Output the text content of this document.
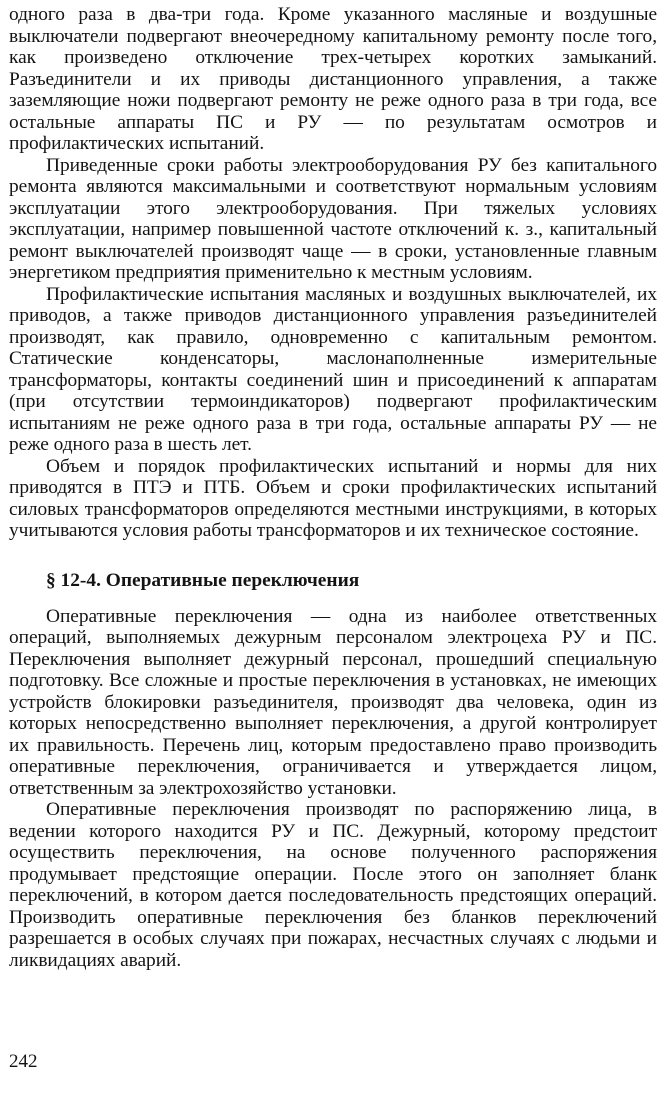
одного раза в два-три года. Кроме указанного масляные и воздушные выключатели подвергают внеочередному капитальному ремонту после того, как произведено отключение трех-четырех коротких замыканий. Разъединители и их приводы дистанционного управления, а также заземляющие ножи подвергают ремонту не реже одного раза в три года, все остальные аппараты ПС и РУ — по результатам осмотров и профилактических испытаний.

Приведенные сроки работы электрооборудования РУ без капитального ремонта являются максимальными и соответствуют нормальным условиям эксплуатации этого электрооборудования. При тяжелых условиях эксплуатации, например повышенной частоте отключений к. з., капитальный ремонт выключателей производят чаще — в сроки, установленные главным энергетиком предприятия применительно к местным условиям.

Профилактические испытания масляных и воздушных выключателей, их приводов, а также приводов дистанционного управления разъединителей производят, как правило, одновременно с капитальным ремонтом. Статические конденсаторы, маслонаполненные измерительные трансформаторы, контакты соединений шин и присоединений к аппаратам (при отсутствии термоиндикаторов) подвергают профилактическим испытаниям не реже одного раза в три года, остальные аппараты РУ — не реже одного раза в шесть лет.

Объем и порядок профилактических испытаний и нормы для них приводятся в ПТЭ и ПТБ. Объем и сроки профилактических испытаний силовых трансформаторов определяются местными инструкциями, в которых учитываются условия работы трансформаторов и их техническое состояние.

§ 12-4. Оперативные переключения

Оперативные переключения — одна из наиболее ответственных операций, выполняемых дежурным персоналом электроцеха РУ и ПС. Переключения выполняет дежурный персонал, прошедший специальную подготовку. Все сложные и простые переключения в установках, не имеющих устройств блокировки разъединителя, производят два человека, один из которых непосредственно выполняет переключения, а другой контролирует их правильность. Перечень лиц, которым предоставлено право производить оперативные переключения, ограничивается и утверждается лицом, ответственным за электрохозяйство установки.

Оперативные переключения производят по распоряжению лица, в ведении которого находится РУ и ПС. Дежурный, которому предстоит осуществить переключения, на основе полученного распоряжения продумывает предстоящие операции. После этого он заполняет бланк переключений, в котором дается последовательность предстоящих операций. Производить оперативные переключения без бланков переключений разрешается в особых случаях при пожарах, несчастных случаях с людьми и ликвидациях аварий.

242
